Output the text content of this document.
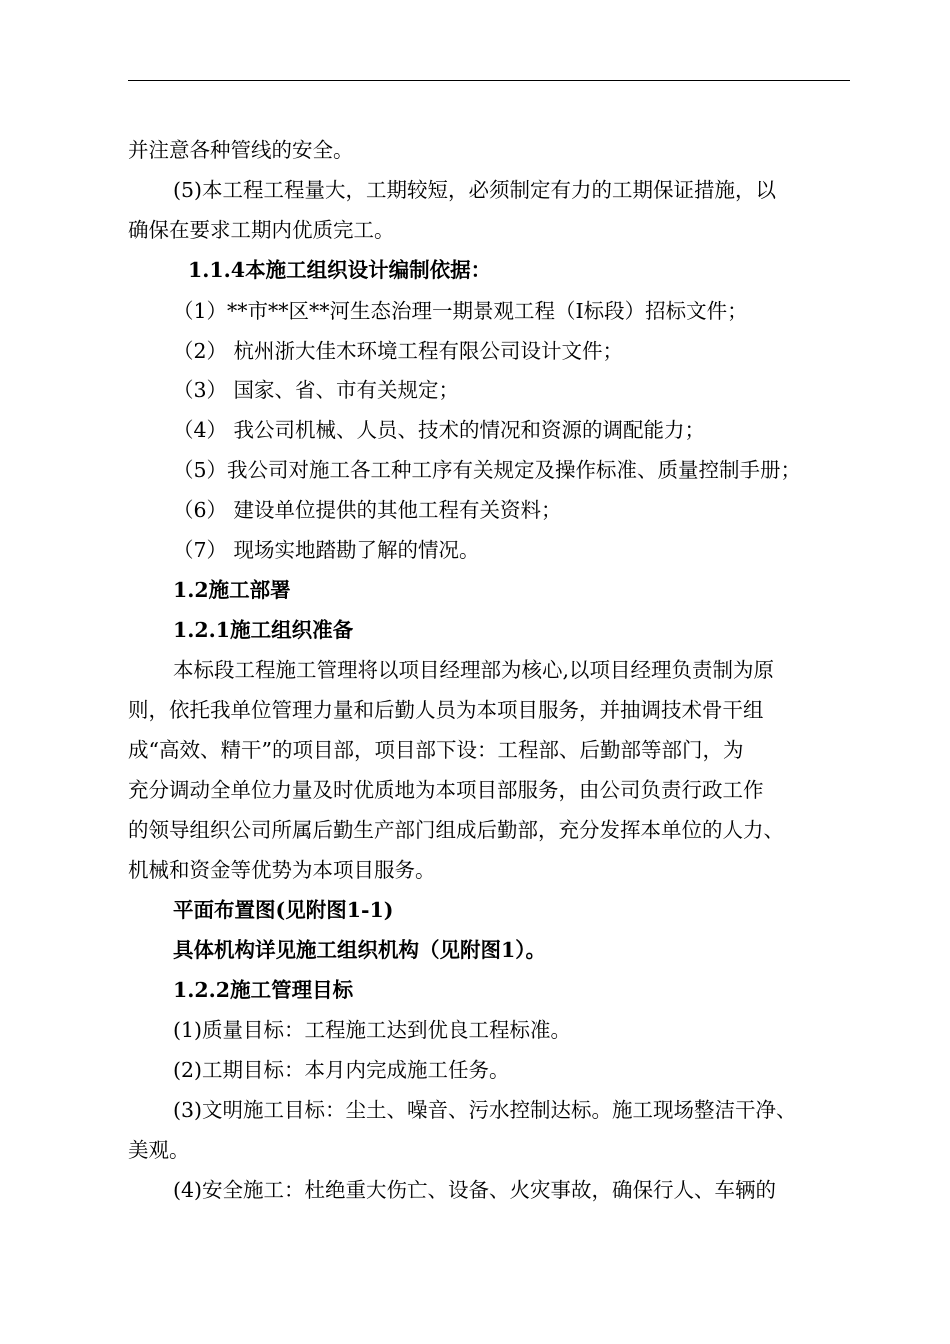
并注意各种管线的安全。
(5)本工程工程量大，工期较短，必须制定有力的工期保证措施，以
确保在要求工期内优质完工。
1.1.4本施工组织设计编制依据：
（1）**市**区**河生态治理一期景观工程（Ⅰ标段）招标文件；
（2） 杭州浙大佳木环境工程有限公司设计文件；
（3） 国家、省、市有关规定；
（4） 我公司机械、人员、技术的情况和资源的调配能力；
（5）我公司对施工各工种工序有关规定及操作标准、质量控制手册；
（6） 建设单位提供的其他工程有关资料；
（7） 现场实地踏勘了解的情况。
1.2施工部署
1.2.1施工组织准备
本标段工程施工管理将以项目经理部为核心,以项目经理负责制为原
则，依托我单位管理力量和后勤人员为本项目服务，并抽调技术骨干组
成“高效、精干”的项目部，项目部下设：工程部、后勤部等部门，为
充分调动全单位力量及时优质地为本项目部服务，由公司负责行政工作
的领导组织公司所属后勤生产部门组成后勤部，充分发挥本单位的人力、
机械和资金等优势为本项目服务。
平面布置图(见附图1-1)
具体机构详见施工组织机构（见附图1）。
1.2.2施工管理目标
(1)质量目标：工程施工达到优良工程标准。
(2)工期目标：本月内完成施工任务。
(3)文明施工目标：尘土、噪音、污水控制达标。施工现场整洁干净、
美观。
(4)安全施工：杜绝重大伤亡、设备、火灾事故，确保行人、车辆的
